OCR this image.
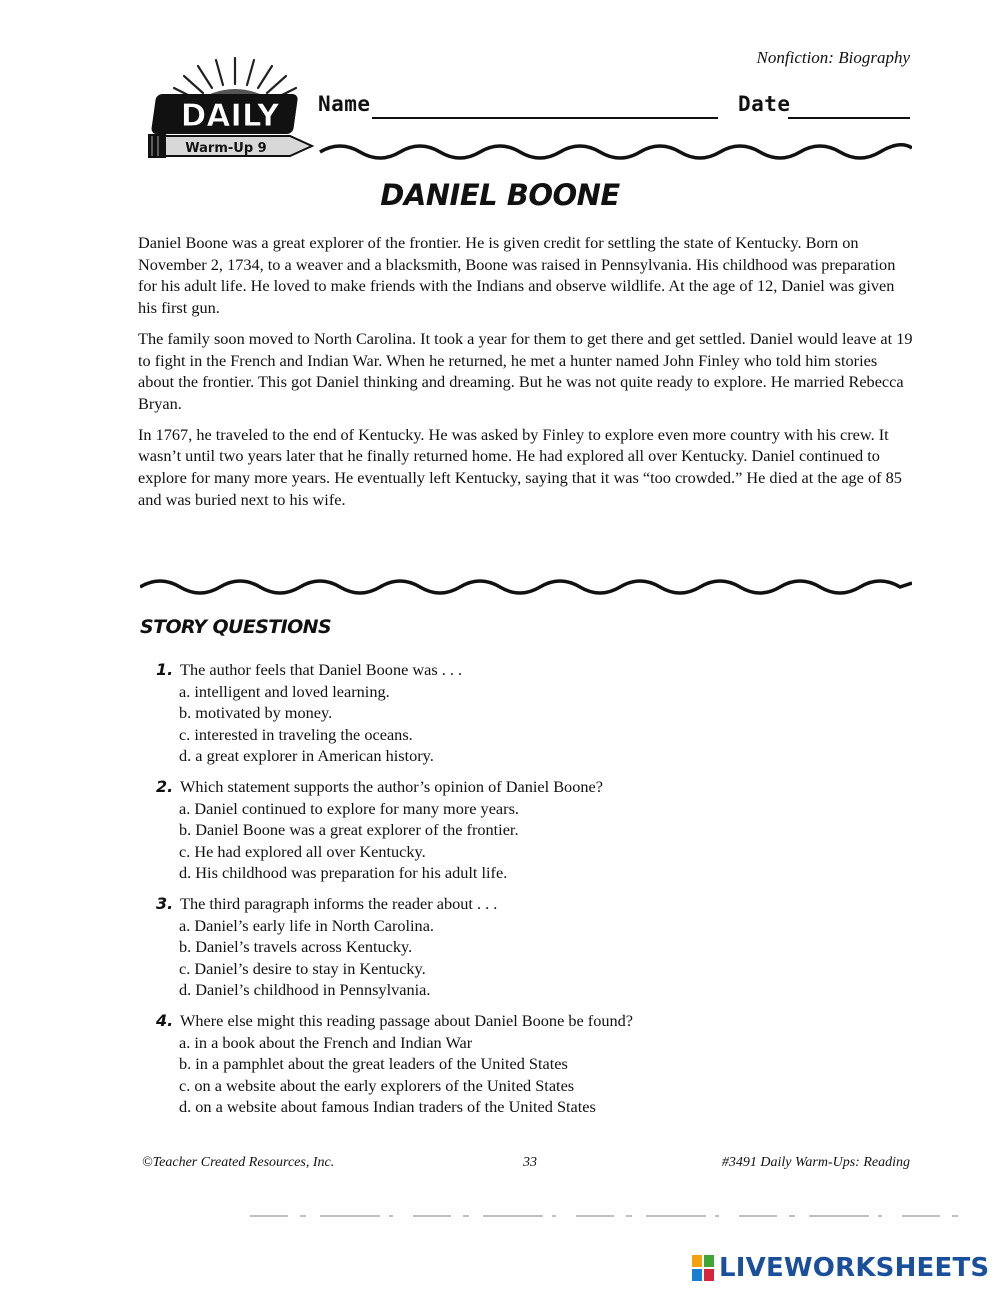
Nonfiction: Biography
DAILY
Warm-Up 9
Name	Date
DANIEL BOONE

Daniel Boone was a great explorer of the frontier. He is given credit for settling the state of Kentucky. Born on November 2, 1734, to a weaver and a blacksmith, Boone was raised in Pennsylvania. His childhood was preparation for his adult life. He loved to make friends with the Indians and observe wildlife. At the age of 12, Daniel was given his first gun.

The family soon moved to North Carolina. It took a year for them to get there and get settled. Daniel would leave at 19 to fight in the French and Indian War. When he returned, he met a hunter named John Finley who told him stories about the frontier. This got Daniel thinking and dreaming. But he was not quite ready to explore. He married Rebecca Bryan.

In 1767, he traveled to the end of Kentucky. He was asked by Finley to explore even more country with his crew. It wasn’t until two years later that he finally returned home. He had explored all over Kentucky. Daniel continued to explore for many more years. He eventually left Kentucky, saying that it was “too crowded.” He died at the age of 85 and was buried next to his wife.

STORY QUESTIONS
1. The author feels that Daniel Boone was . . .
a. intelligent and loved learning.
b. motivated by money.
c. interested in traveling the oceans.
d. a great explorer in American history.
2. Which statement supports the author’s opinion of Daniel Boone?
a. Daniel continued to explore for many more years.
b. Daniel Boone was a great explorer of the frontier.
c. He had explored all over Kentucky.
d. His childhood was preparation for his adult life.
3. The third paragraph informs the reader about . . .
a. Daniel’s early life in North Carolina.
b. Daniel’s travels across Kentucky.
c. Daniel’s desire to stay in Kentucky.
d. Daniel’s childhood in Pennsylvania.
4. Where else might this reading passage about Daniel Boone be found?
a. in a book about the French and Indian War
b. in a pamphlet about the great leaders of the United States
c. on a website about the early explorers of the United States
d. on a website about famous Indian traders of the United States
©Teacher Created Resources, Inc.	33	#3491 Daily Warm-Ups: Reading
LIVEWORKSHEETS
